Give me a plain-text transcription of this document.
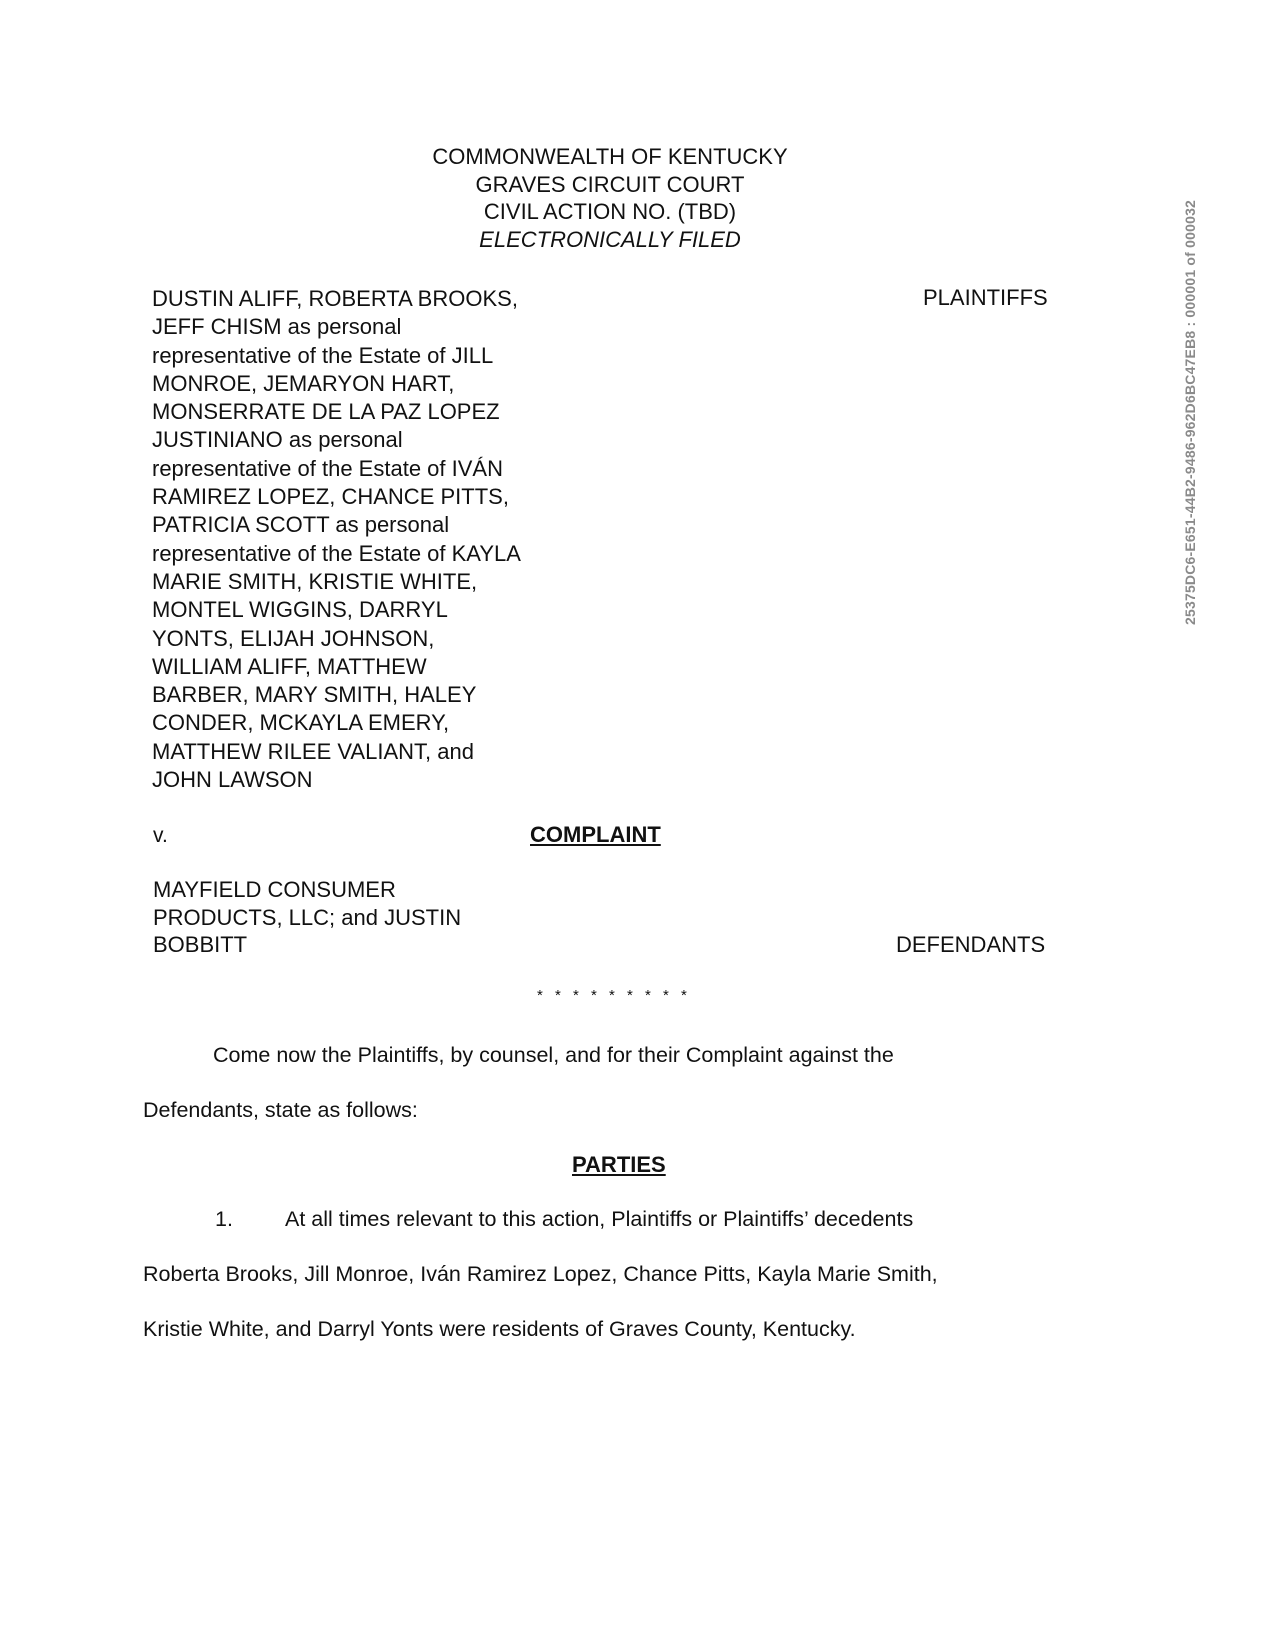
COMMONWEALTH OF KENTUCKY
GRAVES CIRCUIT COURT
CIVIL ACTION NO. (TBD)
ELECTRONICALLY FILED
DUSTIN ALIFF, ROBERTA BROOKS,
JEFF CHISM as personal
representative of the Estate of JILL
MONROE, JEMARYON HART,
MONSERRATE DE LA PAZ LOPEZ
JUSTINIANO as personal
representative of the Estate of IVÁN
RAMIREZ LOPEZ, CHANCE PITTS,
PATRICIA SCOTT as personal
representative of the Estate of KAYLA
MARIE SMITH, KRISTIE WHITE,
MONTEL WIGGINS, DARRYL
YONTS, ELIJAH JOHNSON,
WILLIAM ALIFF, MATTHEW
BARBER, MARY SMITH, HALEY
CONDER, MCKAYLA EMERY,
MATTHEW RILEE VALIANT, and
JOHN LAWSON
PLAINTIFFS
v.	COMPLAINT
MAYFIELD CONSUMER
PRODUCTS, LLC; and JUSTIN
BOBBITT	DEFENDANTS
* * * * * * * * *
Come now the Plaintiffs, by counsel, and for their Complaint against the
Defendants, state as follows:
PARTIES
1. At all times relevant to this action, Plaintiffs or Plaintiffs’ decedents
Roberta Brooks, Jill Monroe, Iván Ramirez Lopez, Chance Pitts, Kayla Marie Smith,
Kristie White, and Darryl Yonts were residents of Graves County, Kentucky.
25375DC6-E651-44B2-9486-962D6BC47EB8 : 000001 of 000032
